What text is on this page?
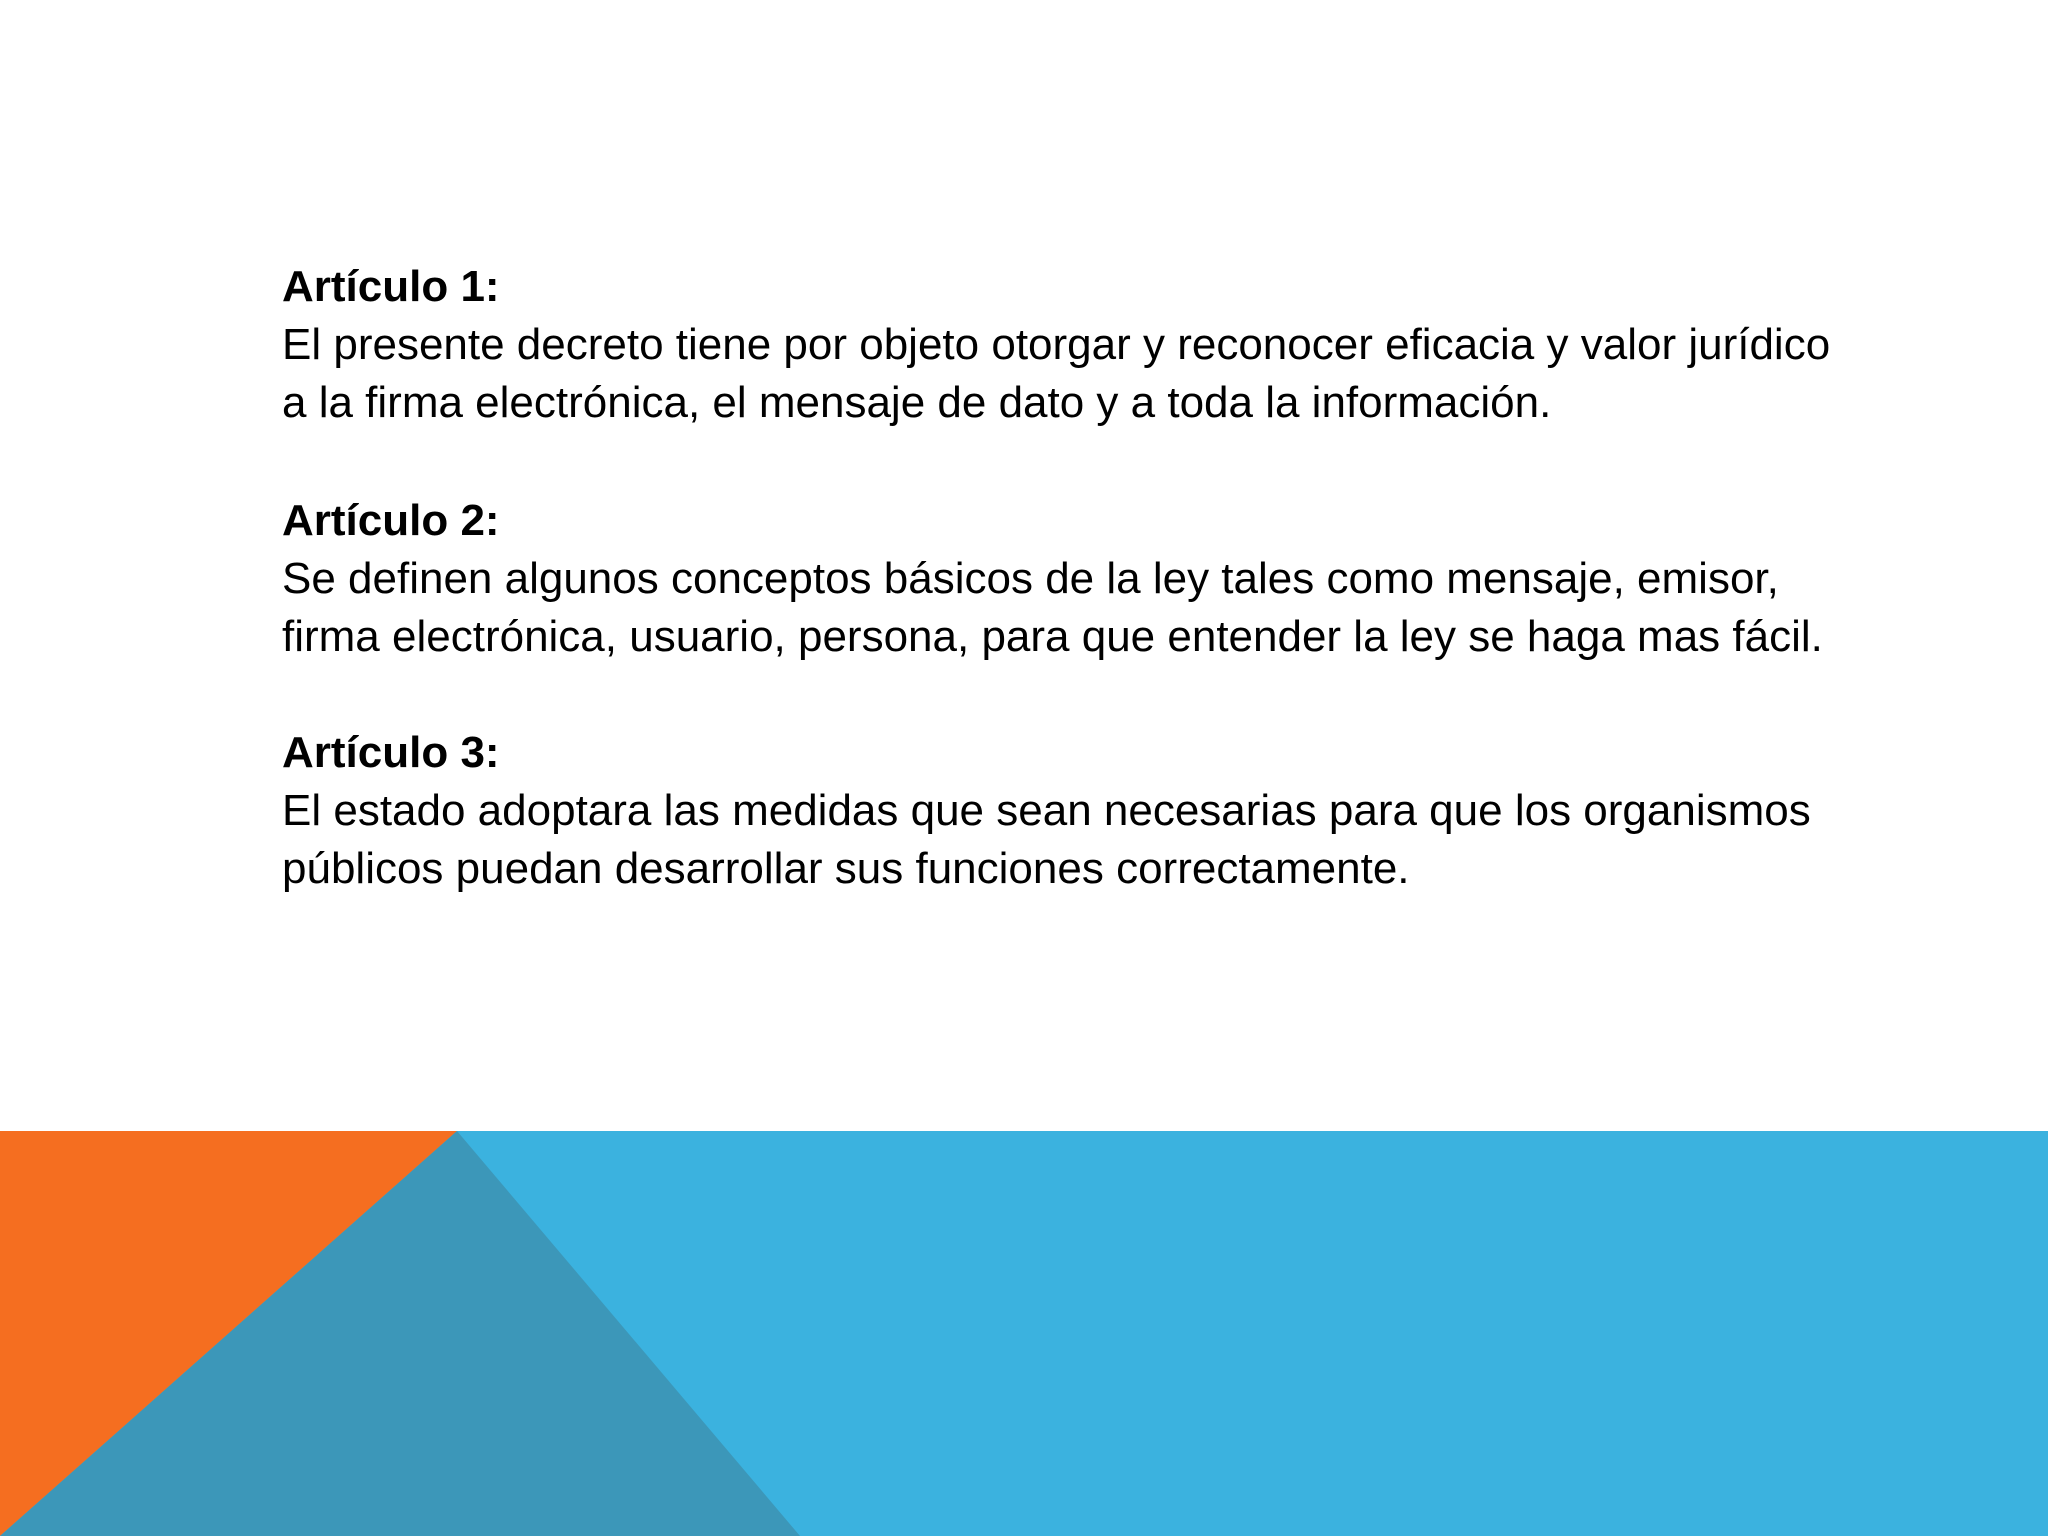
Artículo 1:
El presente decreto tiene por objeto otorgar y reconocer eficacia y valor jurídico a la firma electrónica, el mensaje de dato y a toda la información.

Artículo 2:
Se definen algunos conceptos básicos de la ley tales como mensaje, emisor, firma electrónica, usuario, persona, para que entender la ley se haga mas fácil.

Artículo 3:
El estado adoptara las medidas que sean necesarias para que los organismos públicos puedan desarrollar sus funciones correctamente.
